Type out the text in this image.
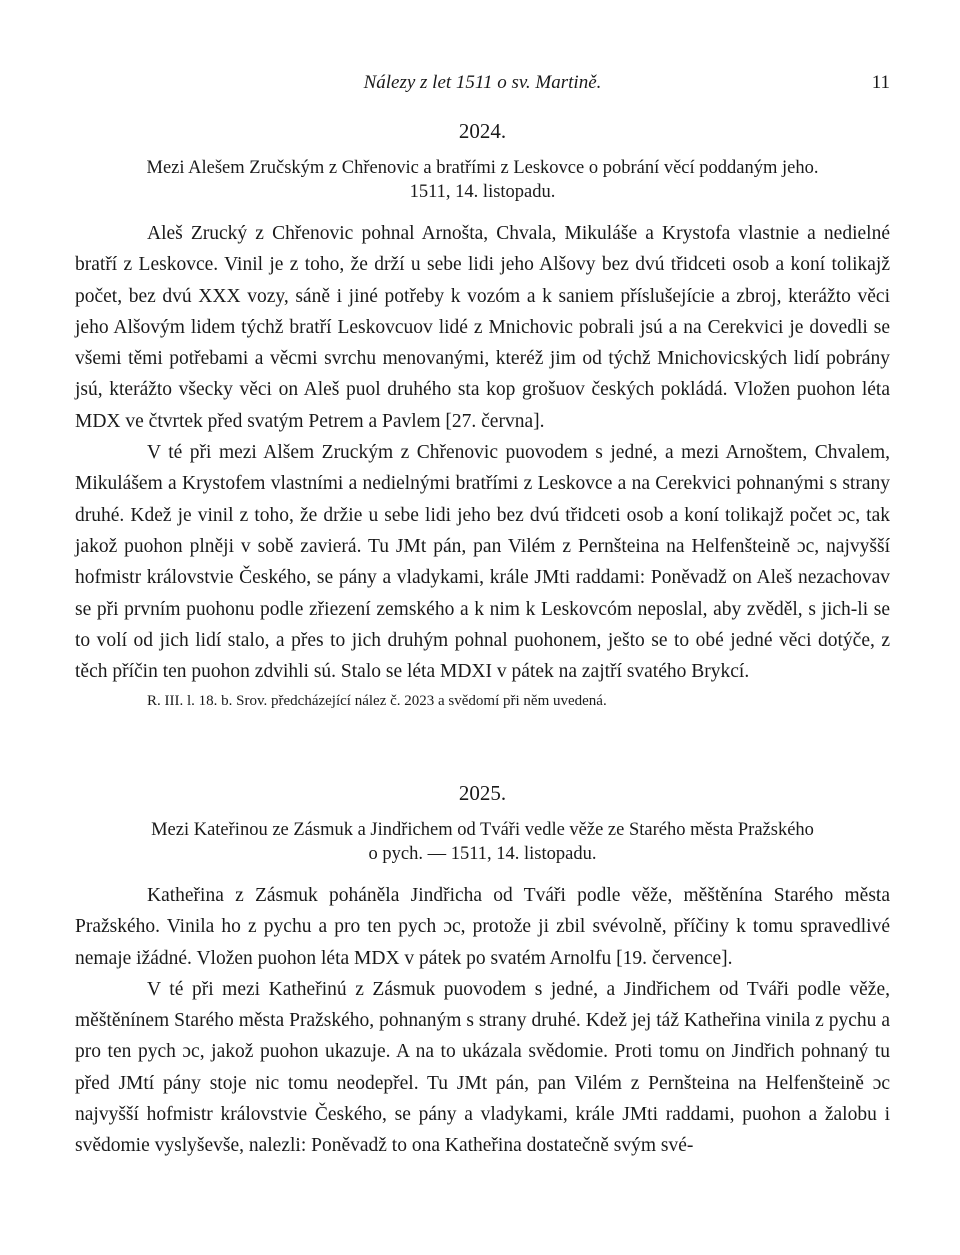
Nálezy z let 1511 o sv. Martině.	11
2024.
Mezi Alešem Zručským z Chřenovic a bratřími z Leskovce o pobrání věcí poddaným jeho.
1511, 14. listopadu.

Aleš Zrucký z Chřenovic pohnal Arnošta, Chvala, Mikuláše a Krystofa vlastnie a nedielné bratří z Leskovce. Vinil je z toho, že drží u sebe lidi jeho Alšovy bez dvú třidceti osob a koní tolikajž počet, bez dvú XXX vozy, sáně i jiné potřeby k vozóm a k saniem příslušejície a zbroj, kterážto věci jeho Alšovým lidem týchž bratří Leskovcuov lidé z Mnichovic pobrali jsú a na Cerekvici je dovedli se všemi těmi potřebami a věcmi svrchu menovanými, kteréž jim od týchž Mnichovicských lidí pobrány jsú, kterážto všecky věci on Aleš puol druhého sta kop grošuov českých pokládá. Vložen puohon léta MDX ve čtvrtek před svatým Petrem a Pavlem [27. června].

V té při mezi Alšem Zruckým z Chřenovic puovodem s jedné, a mezi Arnoštem, Chvalem, Mikulášem a Krystofem vlastními a nedielnými bratřími z Leskovce a na Cerekvici pohnanými s strany druhé. Kdež je vinil z toho, že držie u sebe lidi jeho bez dvú třidceti osob a koní tolikajž počet ɔc, tak jakož puohon plněji v sobě zavierá. Tu JMt pán, pan Vilém z Pernšteina na Helfenšteině ɔc, najvyšší hofmistr královstvie Českého, se pány a vladykami, krále JMti raddami: Poněvadž on Aleš nezachovav se při prvním puohonu podle zřiezení zemského a k nim k Leskovcóm neposlal, aby zvěděl, s jich-li se to volí od jich lidí stalo, a přes to jich druhým pohnal puohonem, ješto se to obé jedné věci dotýče, z těch příčin ten puohon zdvihli sú. Stalo se léta MDXI v pátek na zajtří svatého Brykcí.

R. III. l. 18. b. Srov. předcházející nález č. 2023 a svědomí při něm uvedená.
2025.
Mezi Kateřinou ze Zásmuk a Jindřichem od Tváři vedle věže ze Starého města Pražského
o pych. — 1511, 14. listopadu.

Katheřina z Zásmuk poháněla Jindřicha od Tváři podle věže, měštěnína Starého města Pražského. Vinila ho z pychu a pro ten pych ɔc, protože ji zbil svévolně, příčiny k tomu spravedlivé nemaje ižádné. Vložen puohon léta MDX v pátek po svatém Arnolfu [19. července].

V té při mezi Katheřinú z Zásmuk puovodem s jedné, a Jindřichem od Tváři podle věže, měštěnínem Starého města Pražského, pohnaným s strany druhé. Kdež jej táž Katheřina vinila z pychu a pro ten pych ɔc, jakož puohon ukazuje. A na to ukázala svědomie. Proti tomu on Jindřich pohnaný tu před JMtí pány stoje nic tomu neodepřel. Tu JMt pán, pan Vilém z Pernšteina na Helfenšteině ɔc najvyšší hofmistr královstvie Českého, se pány a vladykami, krále JMti raddami, puohon a žalobu i svědomie vyslyševše, nalezli: Poněvadž to ona Katheřina dostatečně svým své-
